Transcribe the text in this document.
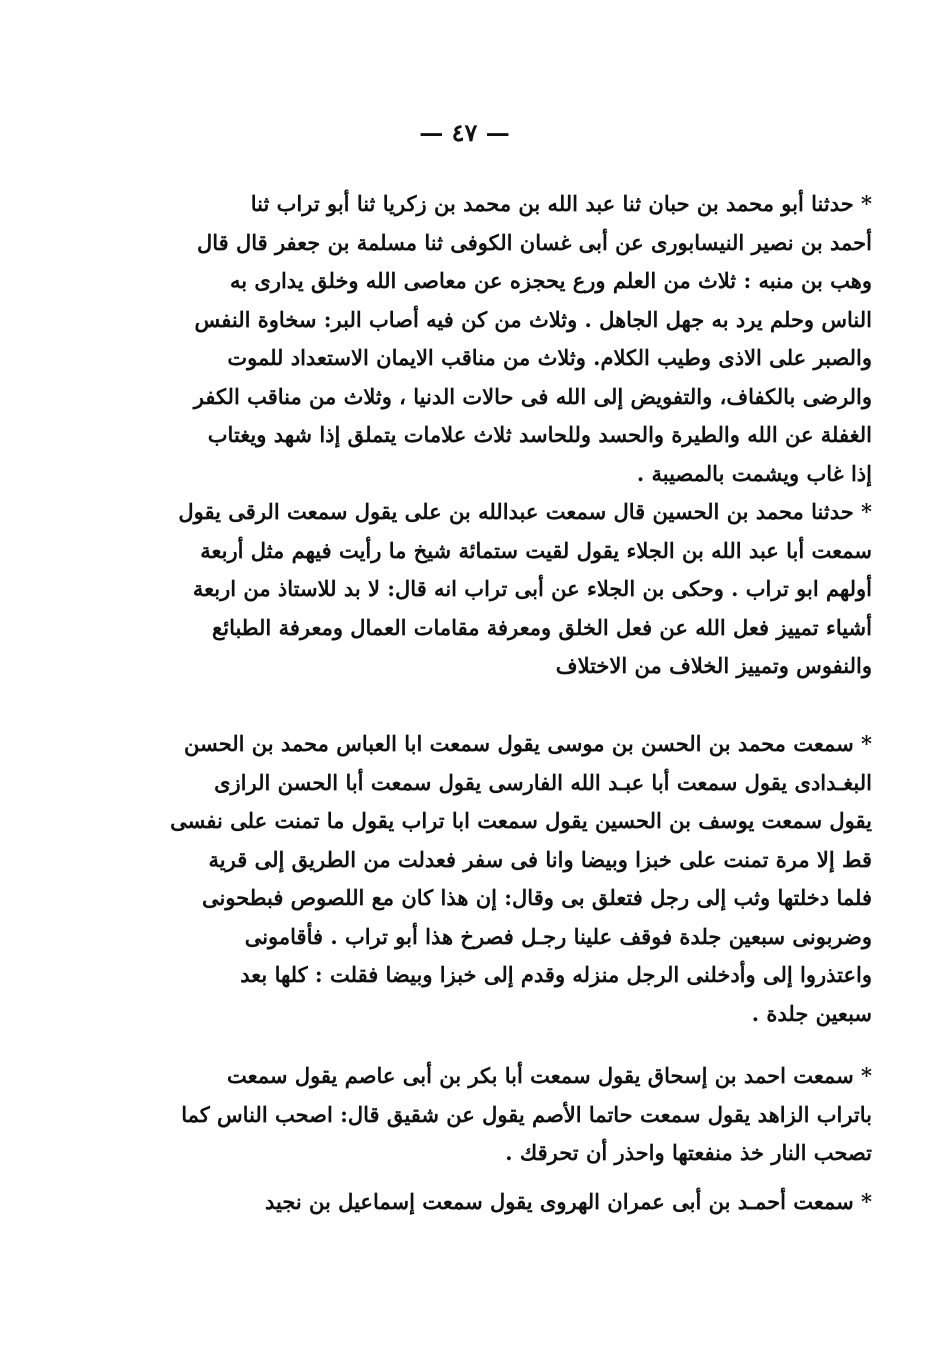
— ٤٧ —
* حدثنا أبو محمد بن حبان ثنا عبد الله بن محمد بن زكريا ثنا أبو تراب ثنا
أحمد بن نصير النيسابورى عن أبى غسان الكوفى ثنا مسلمة بن جعفر قال قال
وهب بن منبه : ثلاث من العلم ورع يحجزه عن معاصى الله وخلق يدارى به
الناس وحلم يرد به جهل الجاهل . وثلاث من كن فيه أصاب البر: سخاوة النفس
والصبر على الاذى وطيب الكلام. وثلاث من مناقب الايمان الاستعداد للموت
والرضى بالكفاف، والتفويض إلى الله فى حالات الدنيا ، وثلاث من مناقب الكفر
الغفلة عن الله والطيرة والحسد وللحاسد ثلاث علامات يتملق إذا شهد ويغتاب
إذا غاب ويشمت بالمصيبة .
* حدثنا محمد بن الحسين قال سمعت عبدالله بن على يقول سمعت الرقى يقول
سمعت أبا عبد الله بن الجلاء يقول لقيت ستمائة شيخ ما رأيت فيهم مثل أربعة
أولهم ابو تراب . وحكى بن الجلاء عن أبى تراب انه قال: لا بد للاستاذ من اربعة
أشياء تمييز فعل الله عن فعل الخلق ومعرفة مقامات العمال ومعرفة الطبائع
والنفوس وتمييز الخلاف من الاختلاف
* سمعت محمد بن الحسن بن موسى يقول سمعت ابا العباس محمد بن الحسن
البغـدادى يقول سمعت أبا عبـد الله الفارسى يقول سمعت أبا الحسن الرازى
يقول سمعت يوسف بن الحسين يقول سمعت ابا تراب يقول ما تمنت على نفسى
قط إلا مرة تمنت على خبزا وبيضا وانا فى سفر فعدلت من الطريق إلى قرية
فلما دخلتها وثب إلى رجل فتعلق بى وقال: إن هذا كان مع اللصوص فبطحونى
وضربونى سبعين جلدة فوقف علينا رجـل فصرخ هذا أبو تراب . فأقامونى
واعتذروا إلى وأدخلنى الرجل منزله وقدم إلى خبزا وبيضا فقلت : كلها بعد
سبعين جلدة .
* سمعت احمد بن إسحاق يقول سمعت أبا بكر بن أبى عاصم يقول سمعت
باتراب الزاهد يقول سمعت حاتما الأصم يقول عن شقيق قال: اصحب الناس كما
تصحب النار خذ منفعتها واحذر أن تحرقك .
* سمعت أحمـد بن أبى عمران الهروى يقول سمعت إسماعيل بن نجيد
